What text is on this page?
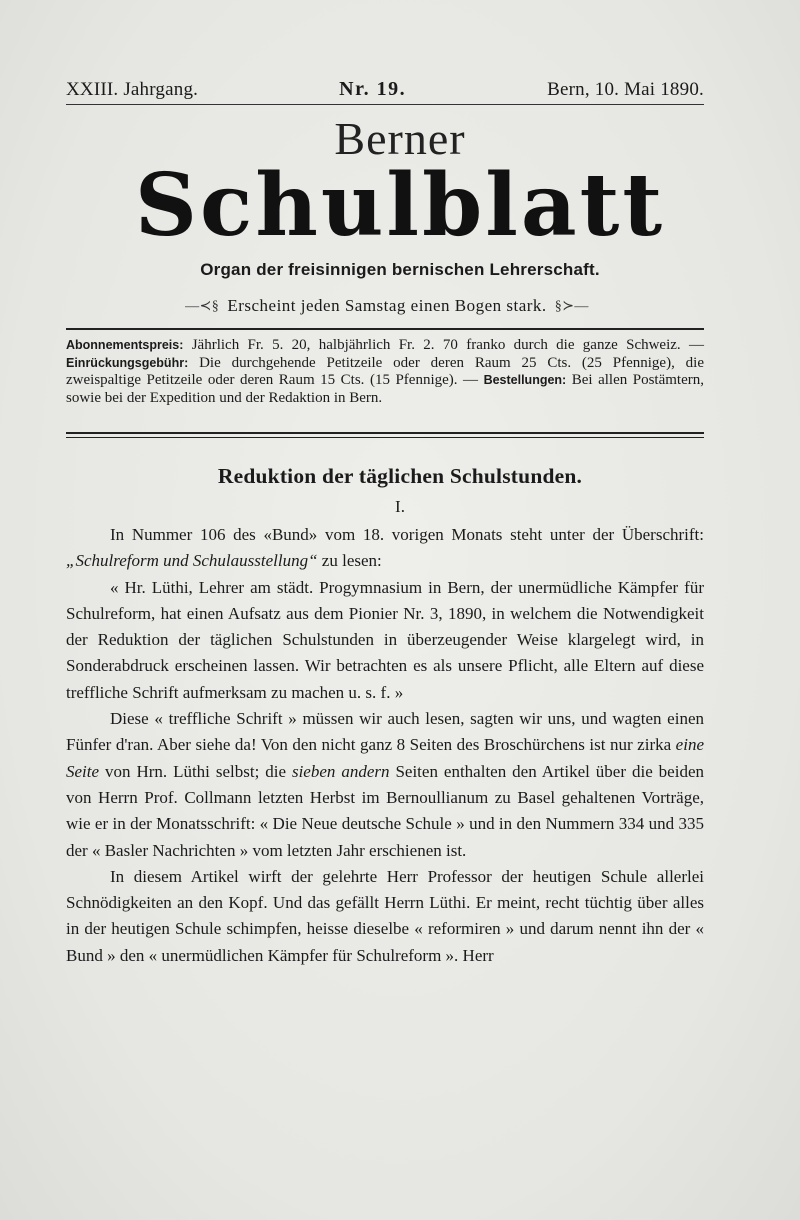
XXIII. Jahrgang.	Nr. 19.	Bern, 10. Mai 1890.
Berner
Schulblatt
Organ der freisinnigen bernischen Lehrerschaft.
—≺§ Erscheint jeden Samstag einen Bogen stark. §≻—
Abonnementspreis: Jährlich Fr. 5. 20, halbjährlich Fr. 2. 70 franko durch die ganze Schweiz. — Einrückungsgebühr: Die durchgehende Petitzeile oder deren Raum 25 Cts. (25 Pfennige), die zweispaltige Petitzeile oder deren Raum 15 Cts. (15 Pfennige). — Bestellungen: Bei allen Postämtern, sowie bei der Expedition und der Redaktion in Bern.
Reduktion der täglichen Schulstunden.
I.

In Nummer 106 des «Bund» vom 18. vorigen Monats steht unter der Überschrift: „Schulreform und Schulausstellung“ zu lesen:

« Hr. Lüthi, Lehrer am städt. Progymnasium in Bern, der unermüdliche Kämpfer für Schulreform, hat einen Aufsatz aus dem Pionier Nr. 3, 1890, in welchem die Notwendigkeit der Reduktion der täglichen Schulstunden in überzeugender Weise klargelegt wird, in Sonderabdruck erscheinen lassen. Wir betrachten es als unsere Pflicht, alle Eltern auf diese treffliche Schrift aufmerksam zu machen u. s. f. »

Diese « treffliche Schrift » müssen wir auch lesen, sagten wir uns, und wagten einen Fünfer d'ran. Aber siehe da! Von den nicht ganz 8 Seiten des Broschürchens ist nur zirka eine Seite von Hrn. Lüthi selbst; die sieben andern Seiten enthalten den Artikel über die beiden von Herrn Prof. Collmann letzten Herbst im Bernoullianum zu Basel gehaltenen Vorträge, wie er in der Monatsschrift: « Die Neue deutsche Schule » und in den Nummern 334 und 335 der « Basler Nachrichten » vom letzten Jahr erschienen ist.

In diesem Artikel wirft der gelehrte Herr Professor der heutigen Schule allerlei Schnödigkeiten an den Kopf. Und das gefällt Herrn Lüthi. Er meint, recht tüchtig über alles in der heutigen Schule schimpfen, heisse dieselbe « reformiren » und darum nennt ihn der « Bund » den « unermüdlichen Kämpfer für Schulreform ». Herr
